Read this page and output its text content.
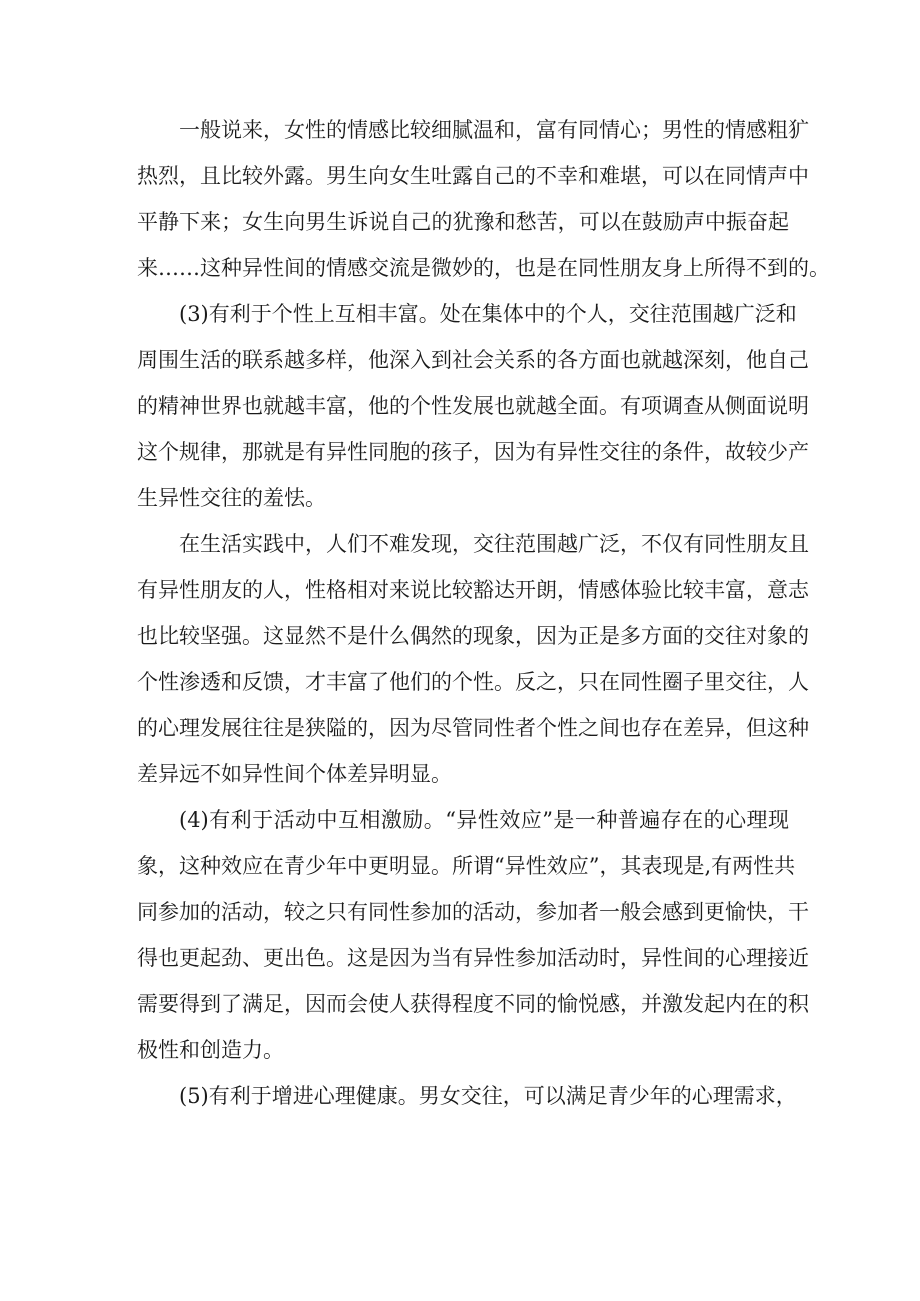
一般说来，女性的情感比较细腻温和，富有同情心；男性的情感粗犷
热烈，且比较外露。男生向女生吐露自己的不幸和难堪，可以在同情声中
平静下来；女生向男生诉说自己的犹豫和愁苦，可以在鼓励声中振奋起
来……这种异性间的情感交流是微妙的，也是在同性朋友身上所得不到的。
(3)有利于个性上互相丰富。处在集体中的个人，交往范围越广泛和
周围生活的联系越多样，他深入到社会关系的各方面也就越深刻，他自己
的精神世界也就越丰富，他的个性发展也就越全面。有项调查从侧面说明
这个规律，那就是有异性同胞的孩子，因为有异性交往的条件，故较少产
生异性交往的羞怯。
在生活实践中，人们不难发现，交往范围越广泛，不仅有同性朋友且
有异性朋友的人，性格相对来说比较豁达开朗，情感体验比较丰富，意志
也比较坚强。这显然不是什么偶然的现象，因为正是多方面的交往对象的
个性渗透和反馈，才丰富了他们的个性。反之，只在同性圈子里交往，人
的心理发展往往是狭隘的，因为尽管同性者个性之间也存在差异，但这种
差异远不如异性间个体差异明显。
(4)有利于活动中互相激励。“异性效应”是一种普遍存在的心理现
象，这种效应在青少年中更明显。所谓“异性效应”，其表现是,有两性共
同参加的活动，较之只有同性参加的活动，参加者一般会感到更愉快，干
得也更起劲、更出色。这是因为当有异性参加活动时，异性间的心理接近
需要得到了满足，因而会使人获得程度不同的愉悦感，并激发起内在的积
极性和创造力。
(5)有利于增进心理健康。男女交往，可以满足青少年的心理需求，
